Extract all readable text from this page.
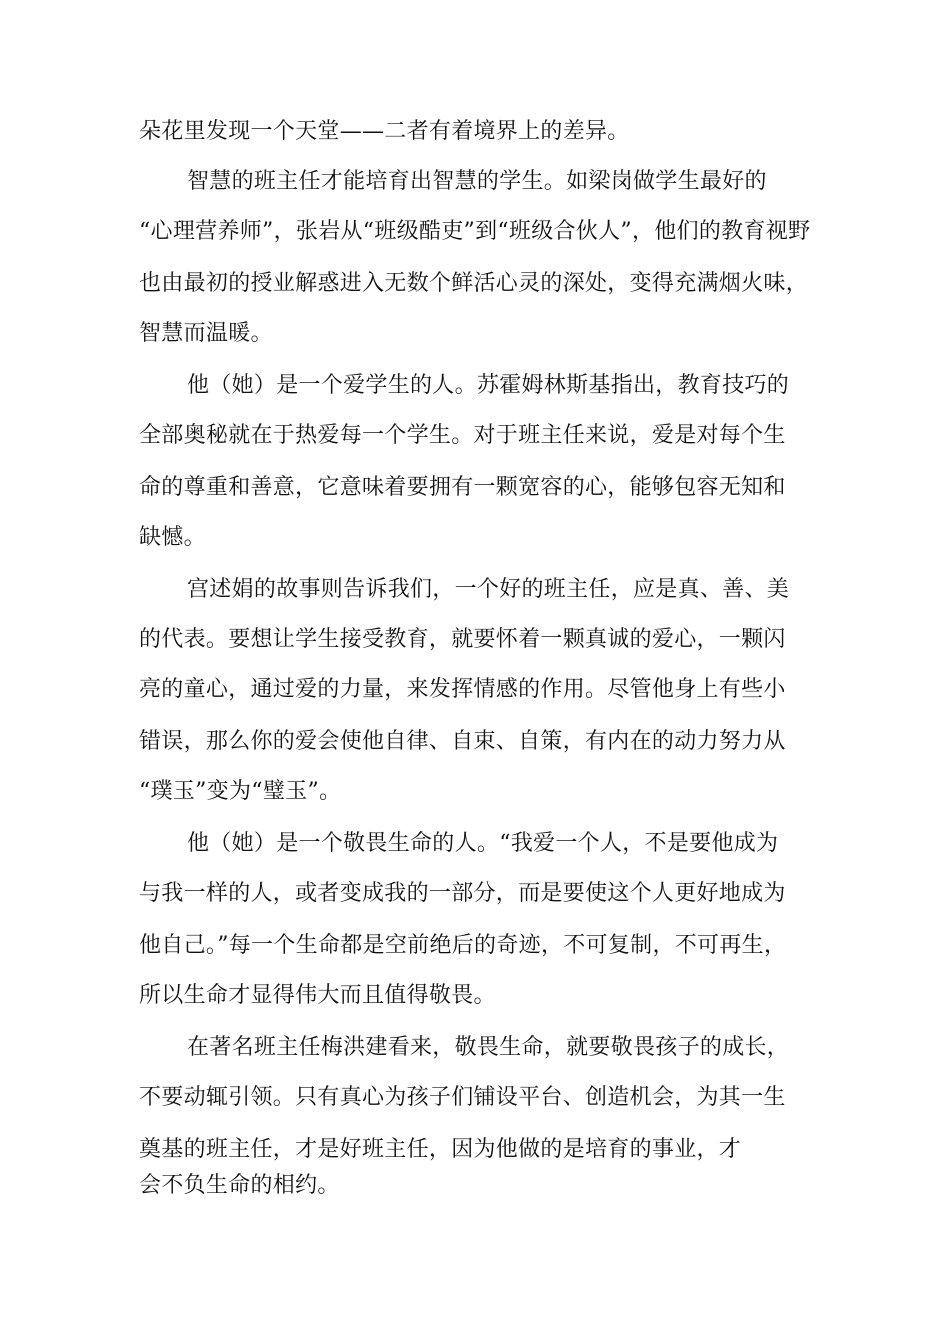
朵花里发现一个天堂——二者有着境界上的差异。
智慧的班主任才能培育出智慧的学生。如梁岗做学生最好的
“心理营养师”，张岩从“班级酷吏”到“班级合伙人”，他们的教育视野
也由最初的授业解惑进入无数个鲜活心灵的深处，变得充满烟火味，
智慧而温暖。
他（她）是一个爱学生的人。苏霍姆林斯基指出，教育技巧的
全部奥秘就在于热爱每一个学生。对于班主任来说，爱是对每个生
命的尊重和善意，它意味着要拥有一颗宽容的心，能够包容无知和
缺憾。
宫述娟的故事则告诉我们，一个好的班主任，应是真、善、美
的代表。要想让学生接受教育，就要怀着一颗真诚的爱心，一颗闪
亮的童心，通过爱的力量，来发挥情感的作用。尽管他身上有些小
错误，那么你的爱会使他自律、自束、自策，有内在的动力努力从
“璞玉”变为“璧玉”。
他（她）是一个敬畏生命的人。“我爱一个人，不是要他成为
与我一样的人，或者变成我的一部分，而是要使这个人更好地成为
他自己。”每一个生命都是空前绝后的奇迹，不可复制，不可再生，
所以生命才显得伟大而且值得敬畏。
在著名班主任梅洪建看来，敬畏生命，就要敬畏孩子的成长，
不要动辄引领。只有真心为孩子们铺设平台、创造机会，为其一生
奠基的班主任，才是好班主任，因为他做的是培育的事业，才
会不负生命的相约。
